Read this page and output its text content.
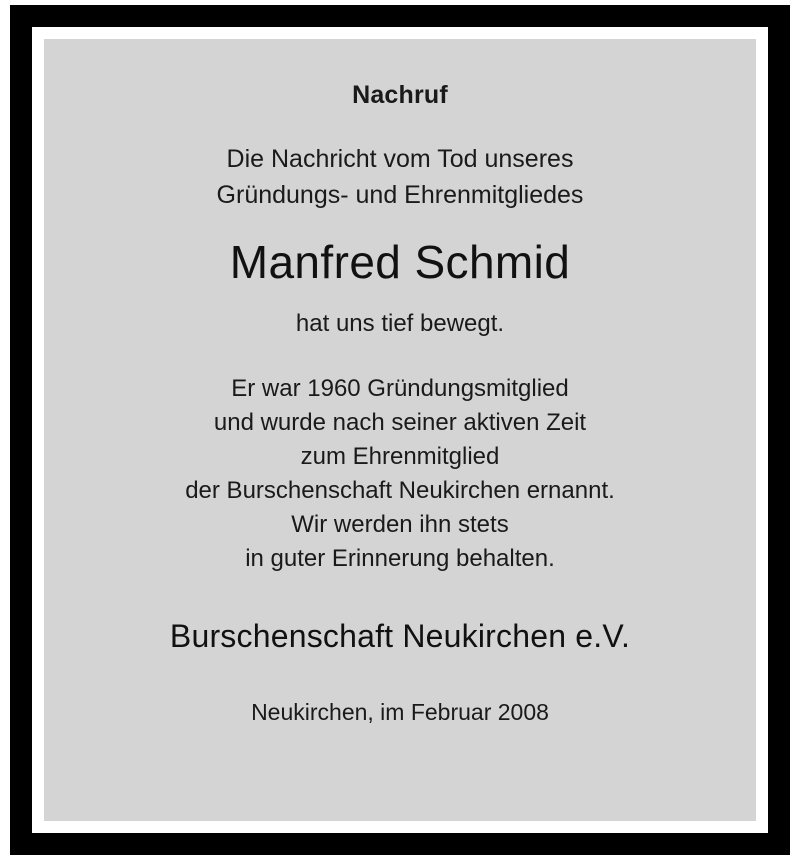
Nachruf
Die Nachricht vom Tod unseres
Gründungs- und Ehrenmitgliedes
Manfred Schmid
hat uns tief bewegt.
Er war 1960 Gründungsmitglied
und wurde nach seiner aktiven Zeit
zum Ehrenmitglied
der Burschenschaft Neukirchen ernannt.
Wir werden ihn stets
in guter Erinnerung behalten.
Burschenschaft Neukirchen e.V.
Neukirchen, im Februar 2008
